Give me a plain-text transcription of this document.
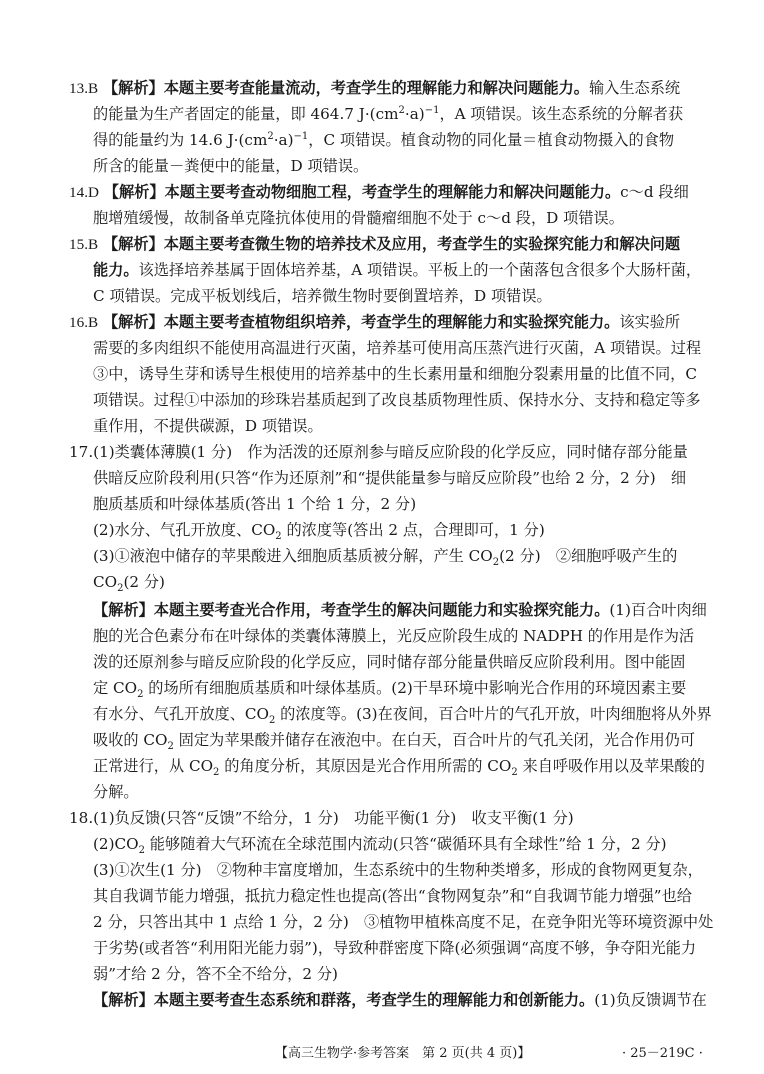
13.B 【解析】本题主要考查能量流动，考查学生的理解能力和解决问题能力。输入生态系统
的能量为生产者固定的能量，即 464.7 $J\cdot(cm^2\cdot a)^{-1}$，A 项错误。该生态系统的分解者获
得的能量约为 14.6 $J\cdot(cm^2\cdot a)^{-1}$，C 项错误。植食动物的同化量＝植食动物摄入的食物
所含的能量－粪便中的能量，D 项错误。
14.D 【解析】本题主要考查动物细胞工程，考查学生的理解能力和解决问题能力。c～d 段细
胞增殖缓慢，故制备单克隆抗体使用的骨髓瘤细胞不处于 c～d 段，D 项错误。
15.B 【解析】本题主要考查微生物的培养技术及应用，考查学生的实验探究能力和解决问题
能力。该选择培养基属于固体培养基，A 项错误。平板上的一个菌落包含很多个大肠杆菌，
C 项错误。完成平板划线后，培养微生物时要倒置培养，D 项错误。
16.B 【解析】本题主要考查植物组织培养，考查学生的理解能力和实验探究能力。该实验所
需要的多肉组织不能使用高温进行灭菌，培养基可使用高压蒸汽进行灭菌，A 项错误。过程
③中，诱导生芽和诱导生根使用的培养基中的生长素用量和细胞分裂素用量的比值不同，C
项错误。过程①中添加的珍珠岩基质起到了改良基质物理性质、保持水分、支持和稳定等多
重作用，不提供碳源，D 项错误。
17.(1)类囊体薄膜(1 分)　作为活泼的还原剂参与暗反应阶段的化学反应，同时储存部分能量
供暗反应阶段利用(只答“作为还原剂”和“提供能量参与暗反应阶段”也给 2 分，2 分)　细
胞质基质和叶绿体基质(答出 1 个给 1 分，2 分)
(2)水分、气孔开放度、$CO_2$ 的浓度等(答出 2 点，合理即可，1 分)
(3)①液泡中储存的苹果酸进入细胞质基质被分解，产生 $CO_2(2$ 分)　②细胞呼吸产生的
$CO_2(2$ 分)
【解析】本题主要考查光合作用，考查学生的解决问题能力和实验探究能力。(1)百合叶肉细
胞的光合色素分布在叶绿体的类囊体薄膜上，光反应阶段生成的 NADPH 的作用是作为活
泼的还原剂参与暗反应阶段的化学反应，同时储存部分能量供暗反应阶段利用。图中能固
定 $CO_2$ 的场所有细胞质基质和叶绿体基质。(2)干旱环境中影响光合作用的环境因素主要
有水分、气孔开放度、$CO_2$ 的浓度等。(3)在夜间，百合叶片的气孔开放，叶肉细胞将从外界
吸收的 $CO_2$ 固定为苹果酸并储存在液泡中。在白天，百合叶片的气孔关闭，光合作用仍可
正常进行，从 $CO_2$ 的角度分析，其原因是光合作用所需的 $CO_2$ 来自呼吸作用以及苹果酸的
分解。
18.(1)负反馈(只答“反馈”不给分，1 分)　功能平衡(1 分)　收支平衡(1 分)
$(2)CO_2$ 能够随着大气环流在全球范围内流动(只答“碳循环具有全球性”给 1 分，2 分)
(3)①次生(1 分)　②物种丰富度增加，生态系统中的生物种类增多，形成的食物网更复杂，
其自我调节能力增强，抵抗力稳定性也提高(答出“食物网复杂”和“自我调节能力增强”也给
2 分，只答出其中 1 点给 1 分，2 分)　③植物甲植株高度不足，在竞争阳光等环境资源中处
于劣势(或者答“利用阳光能力弱”)，导致种群密度下降(必须强调“高度不够，争夺阳光能力
弱”才给 2 分，答不全不给分，2 分)
【解析】本题主要考查生态系统和群落，考查学生的理解能力和创新能力。(1)负反馈调节在
【高三生物学·参考答案　第 2 页(共 4 页)】	· 25－219C ·
